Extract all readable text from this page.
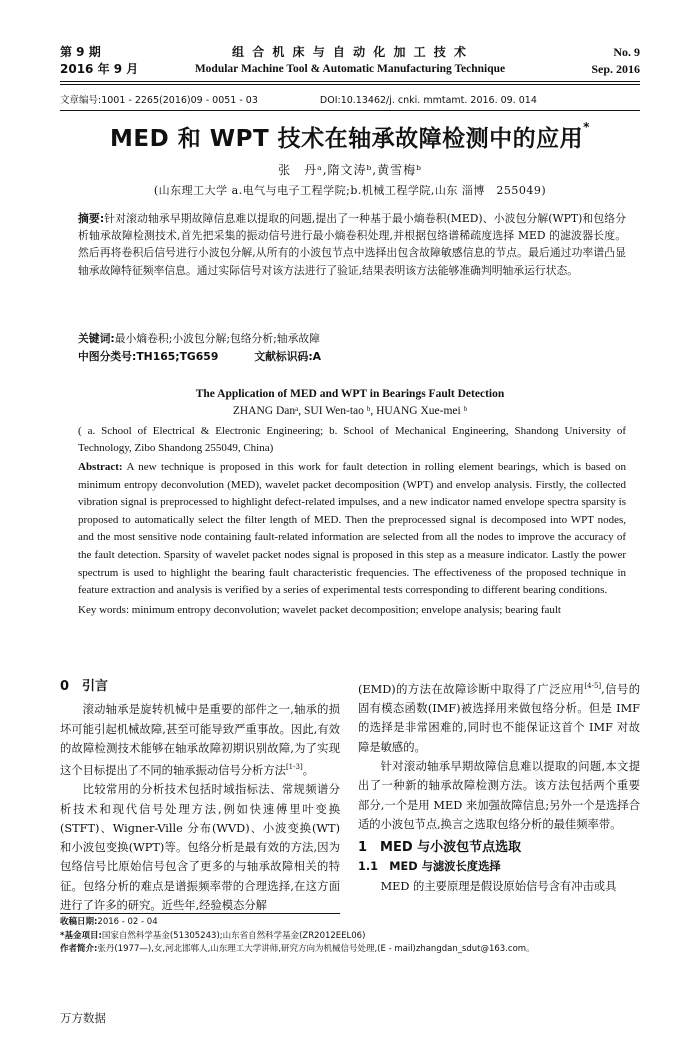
第 9 期
2016 年 9 月
组 合 机 床 与 自 动 化 加 工 技 术
Modular Machine Tool & Automatic Manufacturing Technique
No. 9
Sep. 2016
文章编号:1001 - 2265(2016)09 - 0051 - 03	DOI:10.13462/j. cnki. mmtamt. 2016. 09. 014
MED 和 WPT 技术在轴承故障检测中的应用*
张　丹ᵃ,隋文涛ᵇ,黄雪梅ᵇ
(山东理工大学 a.电气与电子工程学院;b.机械工程学院,山东 淄博　255049)
摘要:针对滚动轴承早期故障信息难以提取的问题,提出了一种基于最小熵卷积(MED)、小波包分解(WPT)和包络分析轴承故障检测技术,首先把采集的振动信号进行最小熵卷积处理,并根据包络谱稀疏度选择 MED 的滤波器长度。然后再将卷积后信号进行小波包分解,从所有的小波包节点中选择出包含故障敏感信息的节点。最后通过功率谱凸显轴承故障特征频率信息。通过实际信号对该方法进行了验证,结果表明该方法能够准确判明轴承运行状态。
关键词:最小熵卷积;小波包分解;包络分析;轴承故障
中图分类号:TH165;TG659	文献标识码:A
The Application of MED and WPT in Bearings Fault Detection
ZHANG Danᵃ, SUI Wen-tao ᵇ, HUANG Xue-mei ᵇ
( a. School of Electrical & Electronic Engineering; b. School of Mechanical Engineering, Shandong University of Technology, Zibo Shandong 255049, China)
Abstract: A new technique is proposed in this work for fault detection in rolling element bearings, which is based on minimum entropy deconvolution (MED), wavelet packet decomposition (WPT) and envelop analysis. Firstly, the collected vibration signal is preprocessed to highlight defect-related impulses, and a new indicator named envelope spectra sparsity is proposed to automatically select the filter length of MED. Then the preprocessed signal is decomposed into WPT nodes, and the most sensitive node containing fault-related information are selected from all the nodes to improve the accuracy of the fault detection. Sparsity of wavelet packet nodes signal is proposed in this step as a measure indicator. Lastly the power spectrum is used to highlight the bearing fault characteristic frequencies. The effectiveness of the proposed technique in feature extraction and analysis is verified by a series of experimental tests corresponding to different bearing conditions.
Key words: minimum entropy deconvolution; wavelet packet decomposition; envelope analysis; bearing fault
0　引言

滚动轴承是旋转机械中是重要的部件之一,轴承的损坏可能引起机械故障,甚至可能导致严重事故。因此,有效的故障检测技术能够在轴承故障初期识别故障,为了实现这个目标提出了不同的轴承振动信号分析方法[1-3]。

比较常用的分析技术包括时域指标法、常规频谱分析技术和现代信号处理方法,例如快速傅里叶变换(STFT)、Wigner-Ville 分布(WVD)、小波变换(WT)和小波包变换(WPT)等。包络分析是最有效的方法,因为包络信号比原始信号包含了更多的与轴承故障相关的特征。包络分析的难点是谱振频率带的合理选择,在这方面进行了许多的研究。近些年,经验模态分解

(EMD)的方法在故障诊断中取得了广泛应用[4-5],信号的固有模态函数(IMF)被选择用来做包络分析。但是 IMF 的选择是非常困难的,同时也不能保证这首个 IMF 对故障是敏感的。

针对滚动轴承早期故障信息难以提取的问题,本文提出了一种新的轴承故障检测方法。该方法包括两个重要部分,一个是用 MED 来加强故障信息;另外一个是选择合适的小波包节点,换言之选取包络分析的最佳频率带。

1　MED 与小波包节点选取
1.1　MED 与滤波长度选择

MED 的主要原理是假设原始信号含有冲击或具

收稿日期:2016 - 02 - 04
*基金项目:国家自然科学基金(51305243);山东省自然科学基金(ZR2012EEL06)
作者简介:张丹(1977—),女,河北邯郸人,山东理工大学讲师,研究方向为机械信号处理,(E - mail)zhangdan_sdut@163.com。
万方数据
